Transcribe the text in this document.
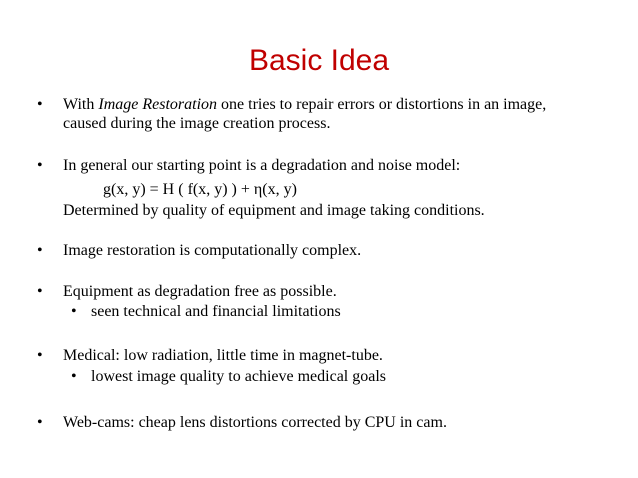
Basic Idea
• With Image Restoration one tries to repair errors or distortions in an image,
caused during the image creation process.
• In general our starting point is a degradation and noise model:
g(x, y) = H ( f(x, y) ) + η(x, y)
Determined by quality of equipment and image taking conditions.
• Image restoration is computationally complex.
• Equipment as degradation free as possible.
• seen technical and financial limitations
• Medical: low radiation, little time in magnet-tube.
• lowest image quality to achieve medical goals
• Web-cams: cheap lens distortions corrected by CPU in cam.
